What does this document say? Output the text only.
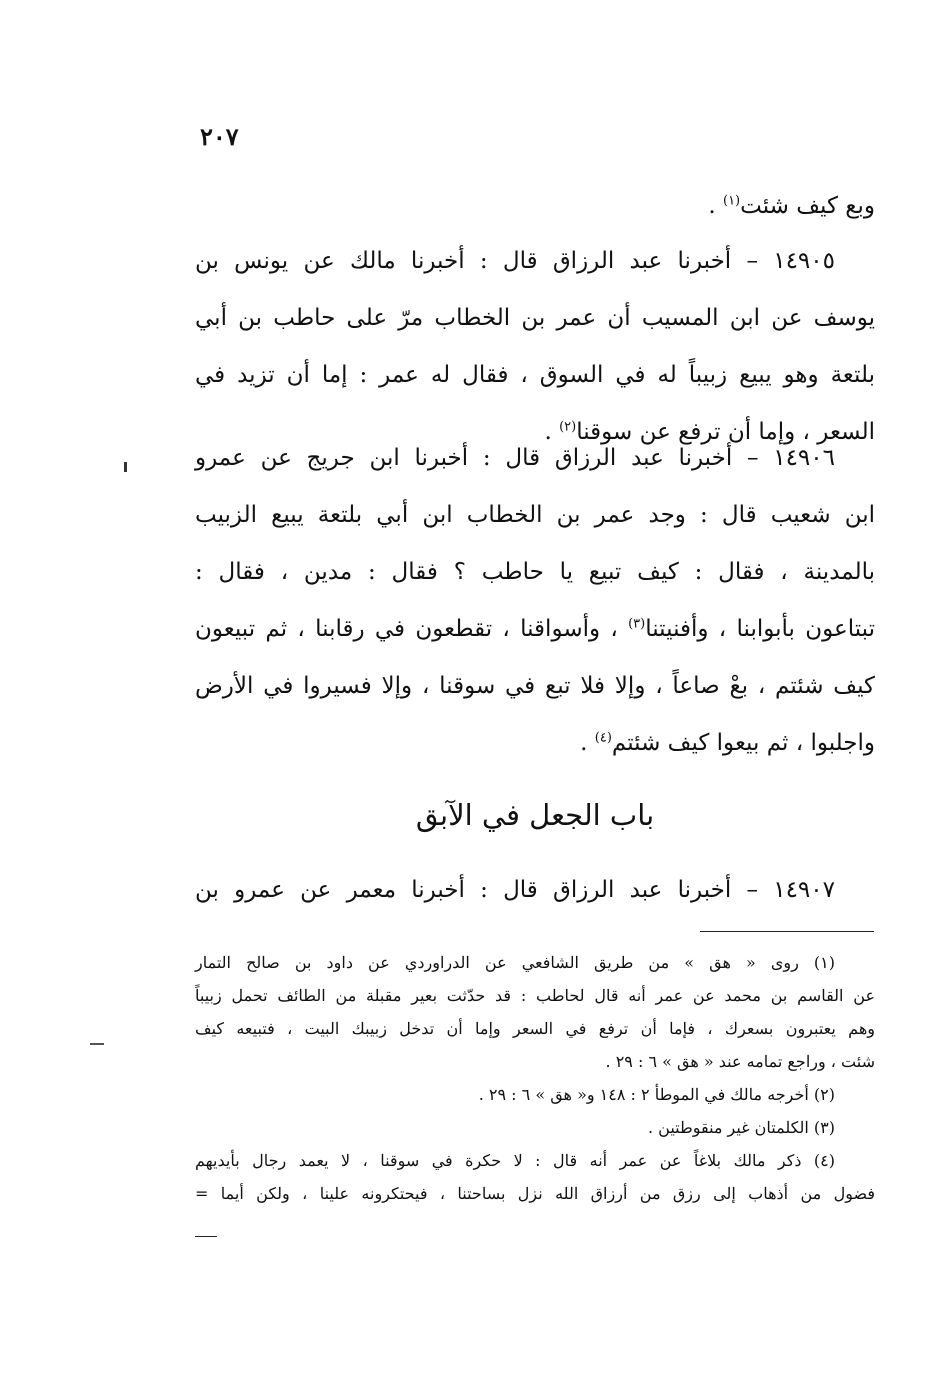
٢٠٧
وبع كيف شئت$^{(١)}$ .
١٤٩٠٥ – أخبرنا عبد الرزاق قال : أخبرنا مالك عن يونس بن
يوسف عن ابن المسيب أن عمر بن الخطاب مرّ على حاطب بن أبي
بلتعة وهو يبيع زبيباً له في السوق ، فقال له عمر : إما أن تزيد في
السعر ، وإما أن ترفع عن سوقنا$^{(٢)}$ .
١٤٩٠٦ – أخبرنا عبد الرزاق قال : أخبرنا ابن جريج عن عمرو
ابن شعيب قال : وجد عمر بن الخطاب ابن أبي بلتعة يبيع الزبيب
بالمدينة ، فقال : كيف تبيع يا حاطب ؟ فقال : مدين ، فقال :
تبتاعون بأبوابنا ، وأفنيتنا$^{(٣)}$ ، وأسواقنا ، تقطعون في رقابنا ، ثم تبيعون
كيف شئتم ، بعْ صاعاً ، وإلا فلا تبع في سوقنا ، وإلا فسيروا في الأرض
واجلبوا ، ثم بيعوا كيف شئتم$^{(٤)}$ .
باب الجعل في الآبق
١٤٩٠٧ – أخبرنا عبد الرزاق قال : أخبرنا معمر عن عمرو بن
(١) روى « هق » من طريق الشافعي عن الدراوردي عن داود بن صالح التمار
عن القاسم بن محمد عن عمر أنه قال لحاطب : قد حدّثت بعير مقبلة من الطائف تحمل زبيباً
وهم يعتبرون بسعرك ، فإما أن ترفع في السعر وإما أن تدخل زبيبك البيت ، فتبيعه كيف
شئت ، وراجع تمامه عند « هق » ٦ : ٢٩ .
(٢) أخرجه مالك في الموطأ ٢ : ١٤٨ و« هق » ٦ : ٢٩ .
(٣) الكلمتان غير منقوطتين .
(٤) ذكر مالك بلاغاً عن عمر أنه قال : لا حكرة في سوقنا ، لا يعمد رجال بأيديهم
فضول من أذهاب إلى رزق من أرزاق الله نزل بساحتنا ، فيحتكرونه علينا ، ولكن أيما =
